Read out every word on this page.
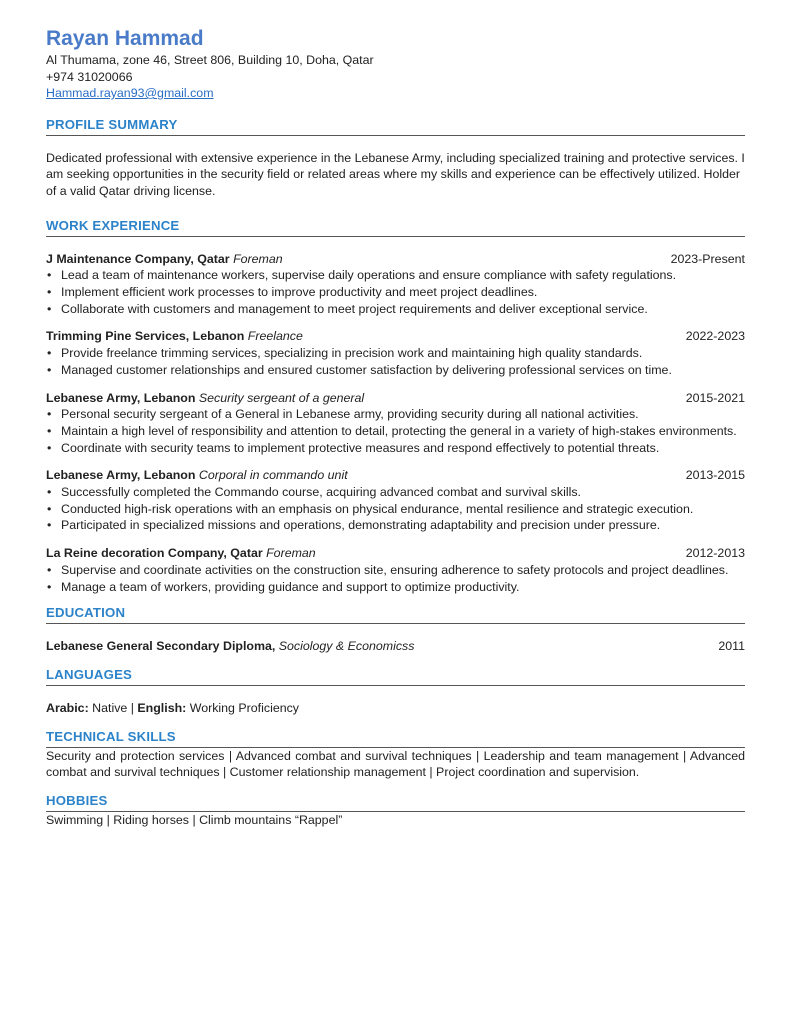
Rayan Hammad
Al Thumama, zone 46, Street 806, Building 10, Doha, Qatar
+974 31020066
Hammad.rayan93@gmail.com
PROFILE SUMMARY
Dedicated professional with extensive experience in the Lebanese Army, including specialized training and protective services. I am seeking opportunities in the security field or related areas where my skills and experience can be effectively utilized. Holder of a valid Qatar driving license.
WORK EXPERIENCE
J Maintenance Company, Qatar Foreman	2023-Present
• Lead a team of maintenance workers, supervise daily operations and ensure compliance with safety regulations.
• Implement efficient work processes to improve productivity and meet project deadlines.
• Collaborate with customers and management to meet project requirements and deliver exceptional service.
Trimming Pine Services, Lebanon Freelance	2022-2023
• Provide freelance trimming services, specializing in precision work and maintaining high quality standards.
• Managed customer relationships and ensured customer satisfaction by delivering professional services on time.
Lebanese Army, Lebanon Security sergeant of a general	2015-2021
• Personal security sergeant of a General in Lebanese army, providing security during all national activities.
• Maintain a high level of responsibility and attention to detail, protecting the general in a variety of high-stakes environments.
• Coordinate with security teams to implement protective measures and respond effectively to potential threats.
Lebanese Army, Lebanon Corporal in commando unit	2013-2015
• Successfully completed the Commando course, acquiring advanced combat and survival skills.
• Conducted high-risk operations with an emphasis on physical endurance, mental resilience and strategic execution.
• Participated in specialized missions and operations, demonstrating adaptability and precision under pressure.
La Reine decoration Company, Qatar Foreman	2012-2013
• Supervise and coordinate activities on the construction site, ensuring adherence to safety protocols and project deadlines.
• Manage a team of workers, providing guidance and support to optimize productivity.
EDUCATION
Lebanese General Secondary Diploma, Sociology & Economicss	2011
LANGUAGES
Arabic: Native | English: Working Proficiency
TECHNICAL SKILLS
Security and protection services | Advanced combat and survival techniques | Leadership and team management | Advanced combat and survival techniques | Customer relationship management | Project coordination and supervision.
HOBBIES
Swimming | Riding horses | Climb mountains “Rappel”
